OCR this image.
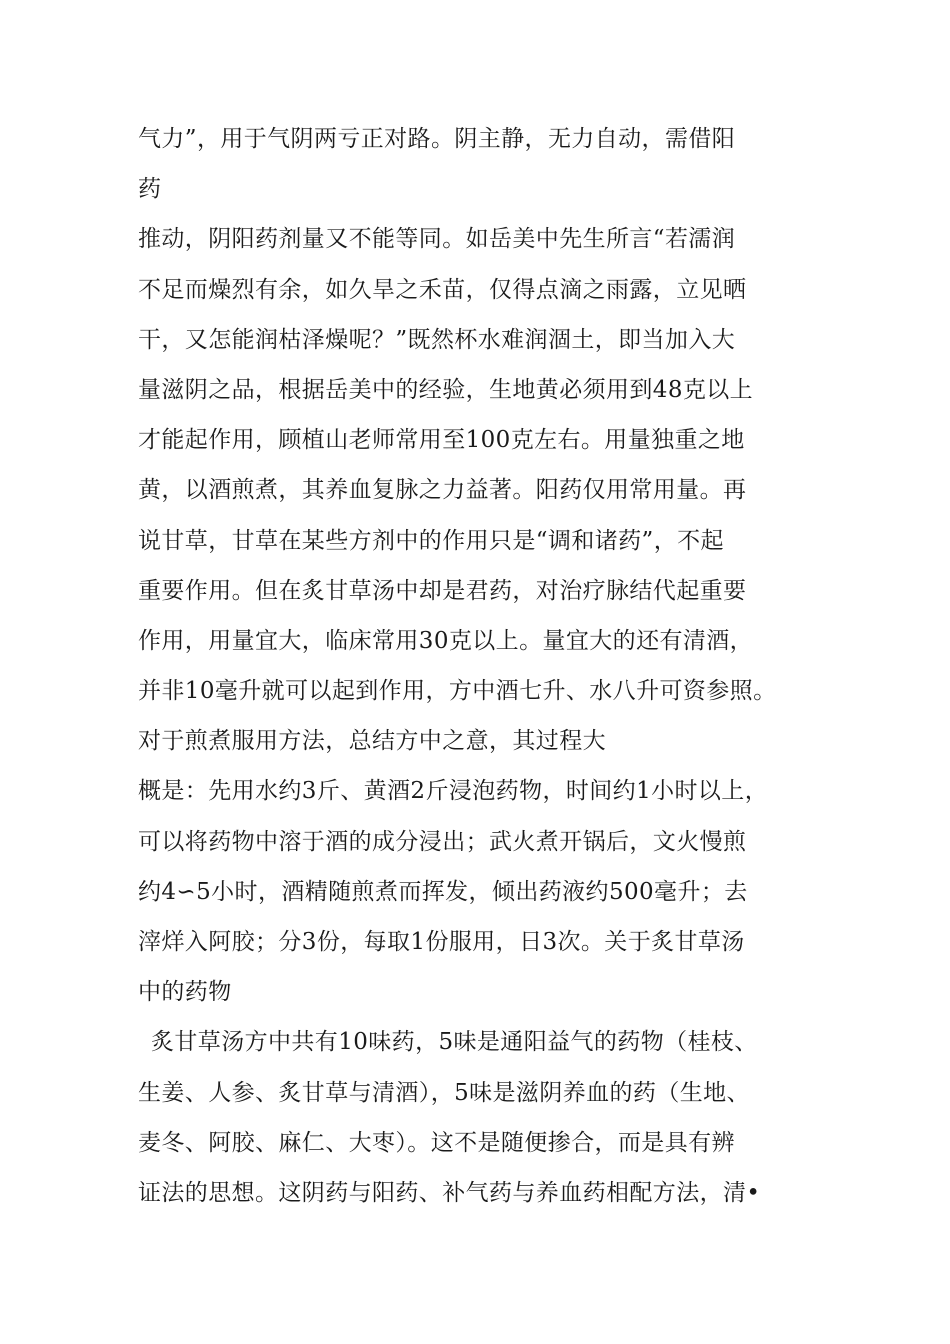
气力”，用于气阴两亏正对路。阴主静，无力自动，需借阳
药
推动，阴阳药剂量又不能等同。如岳美中先生所言“若濡润
不足而燥烈有余，如久旱之禾苗，仅得点滴之雨露，立见晒
干，又怎能润枯泽燥呢？”既然杯水难润涸土，即当加入大
量滋阴之品，根据岳美中的经验，生地黄必须用到48克以上
才能起作用，顾植山老师常用至100克左右。用量独重之地
黄，以酒煎煮，其养血复脉之力益著。阳药仅用常用量。再
说甘草，甘草在某些方剂中的作用只是“调和诸药”，不起
重要作用。但在炙甘草汤中却是君药，对治疗脉结代起重要
作用，用量宜大，临床常用30克以上。量宜大的还有清酒，
并非10毫升就可以起到作用，方中酒七升、水八升可资参照。
对于煎煮服用方法，总结方中之意，其过程大
概是：先用水约3斤、黄酒2斤浸泡药物，时间约1小时以上，
可以将药物中溶于酒的成分浸出；武火煮开锅后，文火慢煎
约4∽5小时，酒精随煎煮而挥发，倾出药液约500毫升；去
滓烊入阿胶；分3份，每取1份服用，日3次。关于炙甘草汤
中的药物
炙甘草汤方中共有10味药，5味是通阳益气的药物（桂枝、
生姜、人参、炙甘草与清酒），5味是滋阴养血的药（生地、
麦冬、阿胶、麻仁、大枣）。这不是随便掺合，而是具有辨
证法的思想。这阴药与阳药、补气药与养血药相配方法，清•
